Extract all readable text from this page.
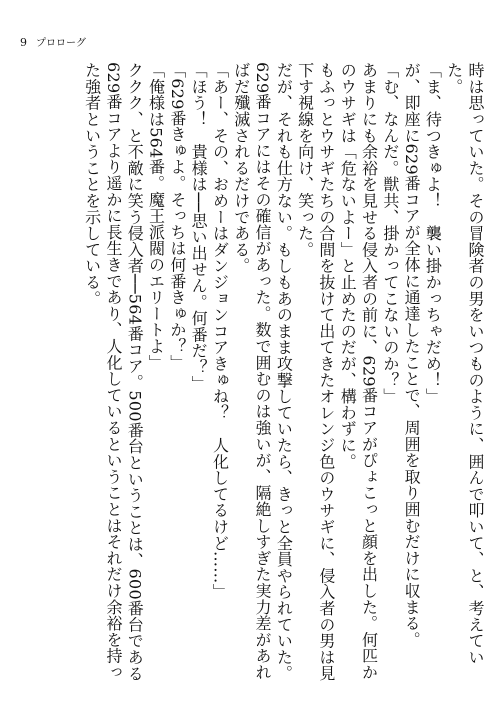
9 プロローグ

時は思っていた。その冒険者の男をいつものように、囲んで叩いて、と、考えていた。

「ま、待つきゅよ！　襲い掛かっちゃだめ！」

が、即座に629番コアが全体に通達したことで、周囲を取り囲むだけに収まる。

「む、なんだ。獣共、掛かってこないのか？」

あまりにも余裕を見せる侵入者の前に、629番コアがぴょこっと顔を出した。何匹かのウサギは「危ないよー」と止めたのだが、構わずに。

もふっとウサギたちの合間を抜けて出てきたオレンジ色のウサギに、侵入者の男は見下す視線を向け、笑った。

だが、それも仕方ない。もしもあのまま攻撃していたら、きっと全員やられていた。629番コアにはその確信があった。数で囲むのは強いが、隔絶しすぎた実力差があればだ殲滅されるだけである。

「あー、その、おめーはダンジョンコアきゅね？　人化してるけど……」

「ほう！　貴様は──思い出せん。何番だ？」

「629番きゅよ。そっちは何番きゅか？」

「俺様は564番。魔王派閥のエリートよ」

ククク、と不敵に笑う侵入者──564番コア。500番台ということは、600番台である629番コアより遥かに長生きであり、人化しているということはそれだけ余裕を持った強者ということを示している。
